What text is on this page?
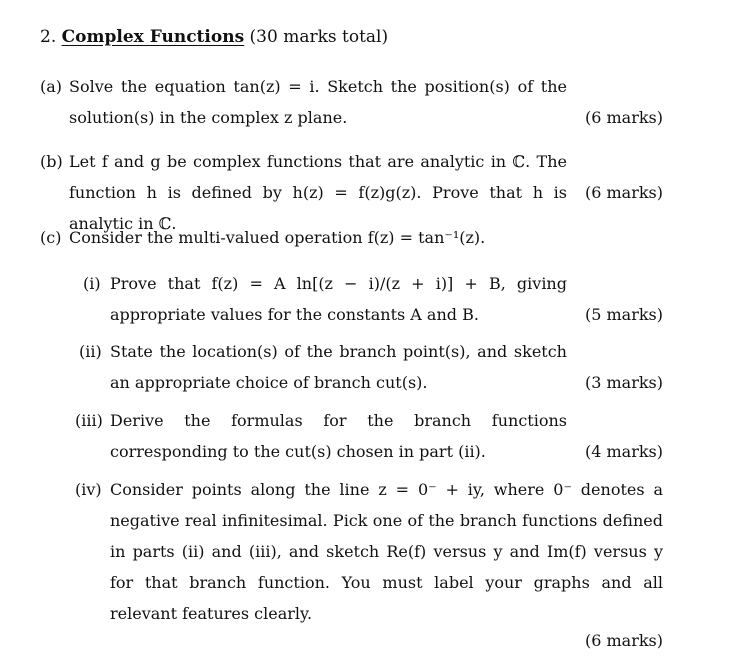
2. Complex Functions (30 marks total)
(a)
(6 marks)
Solve the equation tan(z) = i. Sketch the position(s) of the solution(s) in the complex z plane.
(b)
(6 marks)
Let f and g be complex functions that are analytic in ℂ. The function h is defined by h(z) = f(z)g(z). Prove that h is analytic in ℂ.
(c) Consider the multi-valued operation f(z) = tan⁻¹(z).
(i)
(5 marks)
Prove that f(z) = A ln[(z − i)/(z + i)] + B, giving appropriate values for the constants A and B.
(ii)
(3 marks)
State the location(s) of the branch point(s), and sketch an appropriate choice of branch cut(s).
(iii)
(4 marks)
Derive the formulas for the branch functions corresponding to the cut(s) chosen in part (ii).
(iv) Consider points along the line z = 0⁻ + iy, where 0⁻ denotes a negative real infinitesimal. Pick one of the branch functions defined in parts (ii) and (iii), and sketch Re(f) versus y and Im(f) versus y for that branch function. You must label your graphs and all relevant features clearly.
(6 marks)
